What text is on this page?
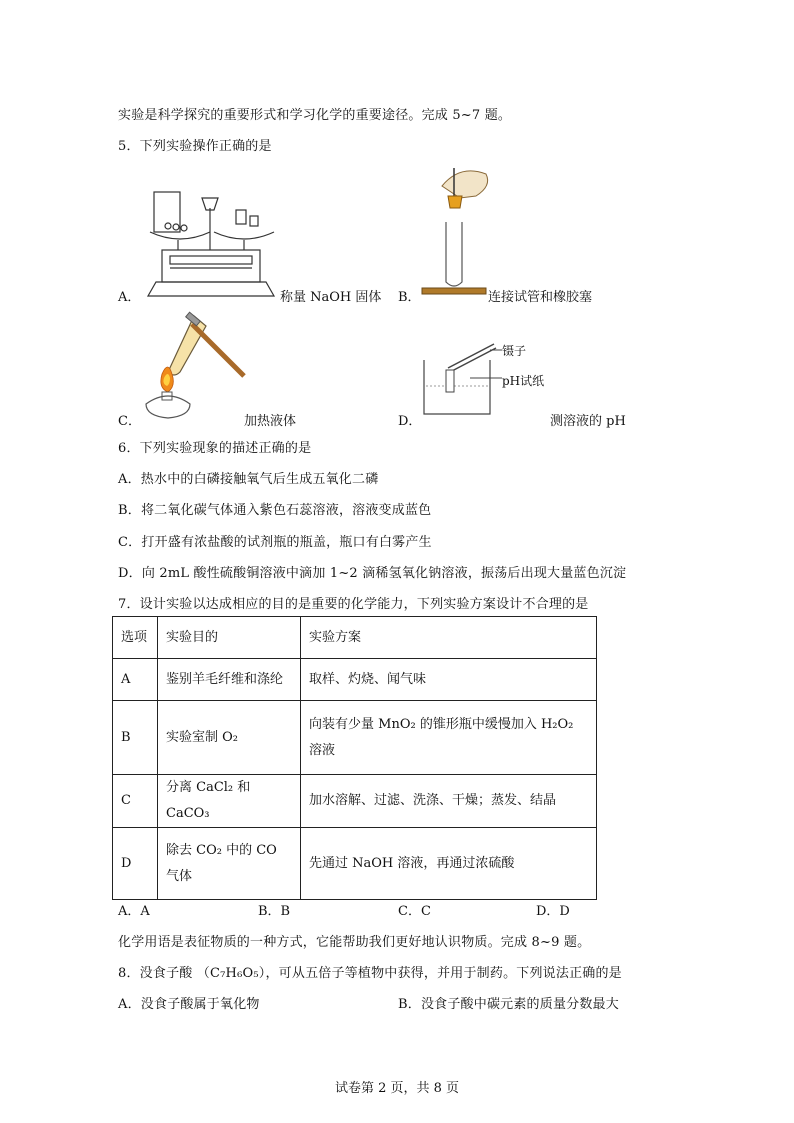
实验是科学探究的重要形式和学习化学的重要途径。完成 5~7 题。
5．下列实验操作正确的是
A．	称量 NaOH 固体 B．	连接试管和橡胶塞
C．	加热液体
镊子
pH试纸
D．	测溶液的 pH
6．下列实验现象的描述正确的是
A．热水中的白磷接触氧气后生成五氧化二磷
B．将二氧化碳气体通入紫色石蕊溶液，溶液变成蓝色
C．打开盛有浓盐酸的试剂瓶的瓶盖，瓶口有白雾产生
D．向 2mL 酸性硫酸铜溶液中滴加 1~2 滴稀氢氧化钠溶液，振荡后出现大量蓝色沉淀
7．设计实验以达成相应的目的是重要的化学能力，下列实验方案设计不合理的是
选项	实验目的	实验方案
A	鉴别羊毛纤维和涤纶	取样、灼烧、闻气味
B	实验室制 O₂	向装有少量 MnO₂ 的锥形瓶中缓慢加入 H₂O₂ 溶液
C	分离 CaCl₂ 和 CaCO₃	加水溶解、过滤、洗涤、干燥；蒸发、结晶
D	除去 CO₂ 中的 CO 气体	先通过 NaOH 溶液，再通过浓硫酸
A．A	B．B	C．C	D．D
化学用语是表征物质的一种方式，它能帮助我们更好地认识物质。完成 8~9 题。
8．没食子酸 （C₇H₆O₅），可从五倍子等植物中获得，并用于制药。下列说法正确的是
A．没食子酸属于氧化物	B．没食子酸中碳元素的质量分数最大
试卷第 2 页，共 8 页
